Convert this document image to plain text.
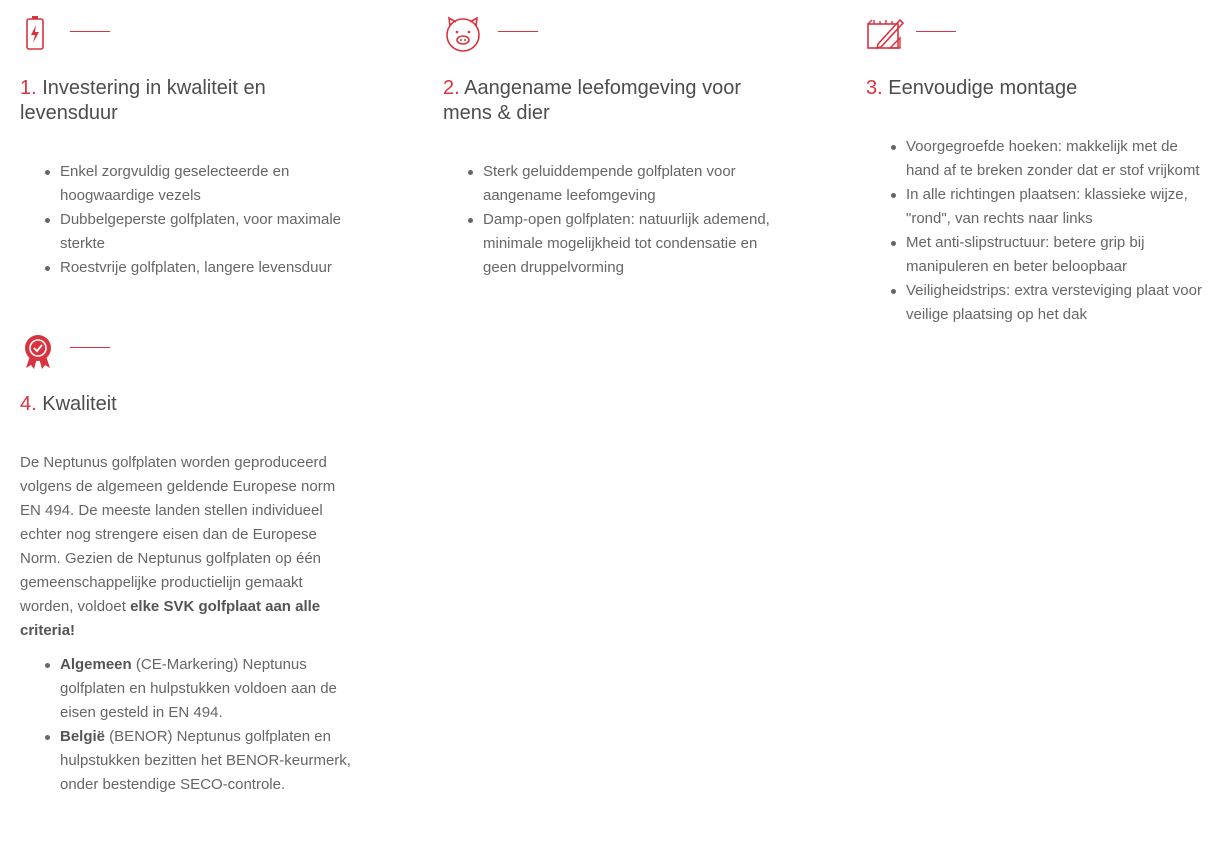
1. Investering in kwaliteit en levensduur
Enkel zorgvuldig geselecteerde en hoogwaardige vezels
Dubbelgeperste golfplaten, voor maximale sterkte
Roestvrije golfplaten, langere levensduur
2. Aangename leefomgeving voor mens & dier
Sterk geluiddempende golfplaten voor aangename leefomgeving
Damp-open golfplaten: natuurlijk ademend, minimale mogelijkheid tot condensatie en geen druppelvorming
3. Eenvoudige montage
Voorgegroefde hoeken: makkelijk met de hand af te breken zonder dat er stof vrijkomt
In alle richtingen plaatsen: klassieke wijze, "rond", van rechts naar links
Met anti-slipstructuur: betere grip bij manipuleren en beter beloopbaar
Veiligheidstrips: extra versteviging plaat voor veilige plaatsing op het dak
4. Kwaliteit

De Neptunus golfplaten worden geproduceerd volgens de algemeen geldende Europese norm EN 494. De meeste landen stellen individueel echter nog strengere eisen dan de Europese Norm. Gezien de Neptunus golfplaten op één gemeenschappelijke productielijn gemaakt worden, voldoet elke SVK golfplaat aan alle criteria!

Algemeen (CE-Markering) Neptunus golfplaten en hulpstukken voldoen aan de eisen gesteld in EN 494.
België (BENOR) Neptunus golfplaten en hulpstukken bezitten het BENOR-keurmerk, onder bestendige SECO-controle.
